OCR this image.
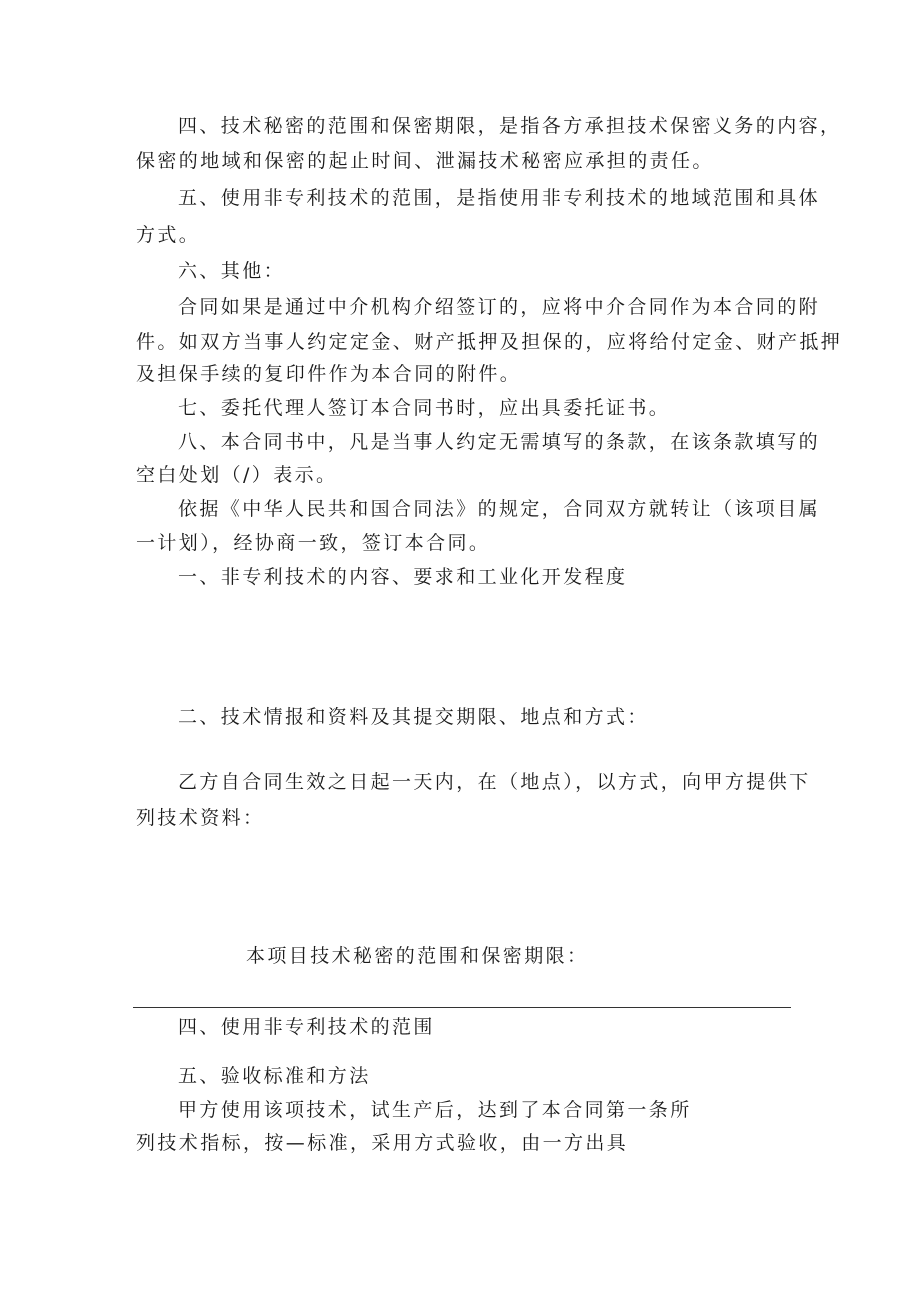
四、技术秘密的范围和保密期限，是指各方承担技术保密义务的内容，
保密的地域和保密的起止时间、泄漏技术秘密应承担的责任。
五、使用非专利技术的范围，是指使用非专利技术的地域范围和具体
方式。
六、其他：
合同如果是通过中介机构介绍签订的，应将中介合同作为本合同的附
件。如双方当事人约定定金、财产抵押及担保的，应将给付定金、财产抵押
及担保手续的复印件作为本合同的附件。
七、委托代理人签订本合同书时，应出具委托证书。
八、本合同书中，凡是当事人约定无需填写的条款，在该条款填写的
空白处划（/）表示。
依据《中华人民共和国合同法》的规定，合同双方就转让（该项目属
一计划），经协商一致，签订本合同。
一、非专利技术的内容、要求和工业化开发程度
二、技术情报和资料及其提交期限、地点和方式：
乙方自合同生效之日起一天内，在（地点），以方式，向甲方提供下
列技术资料：
本项目技术秘密的范围和保密期限：
四、使用非专利技术的范围
五、验收标准和方法
甲方使用该项技术，试生产后，达到了本合同第一条所
列技术指标，按—标准，采用方式验收，由一方出具
